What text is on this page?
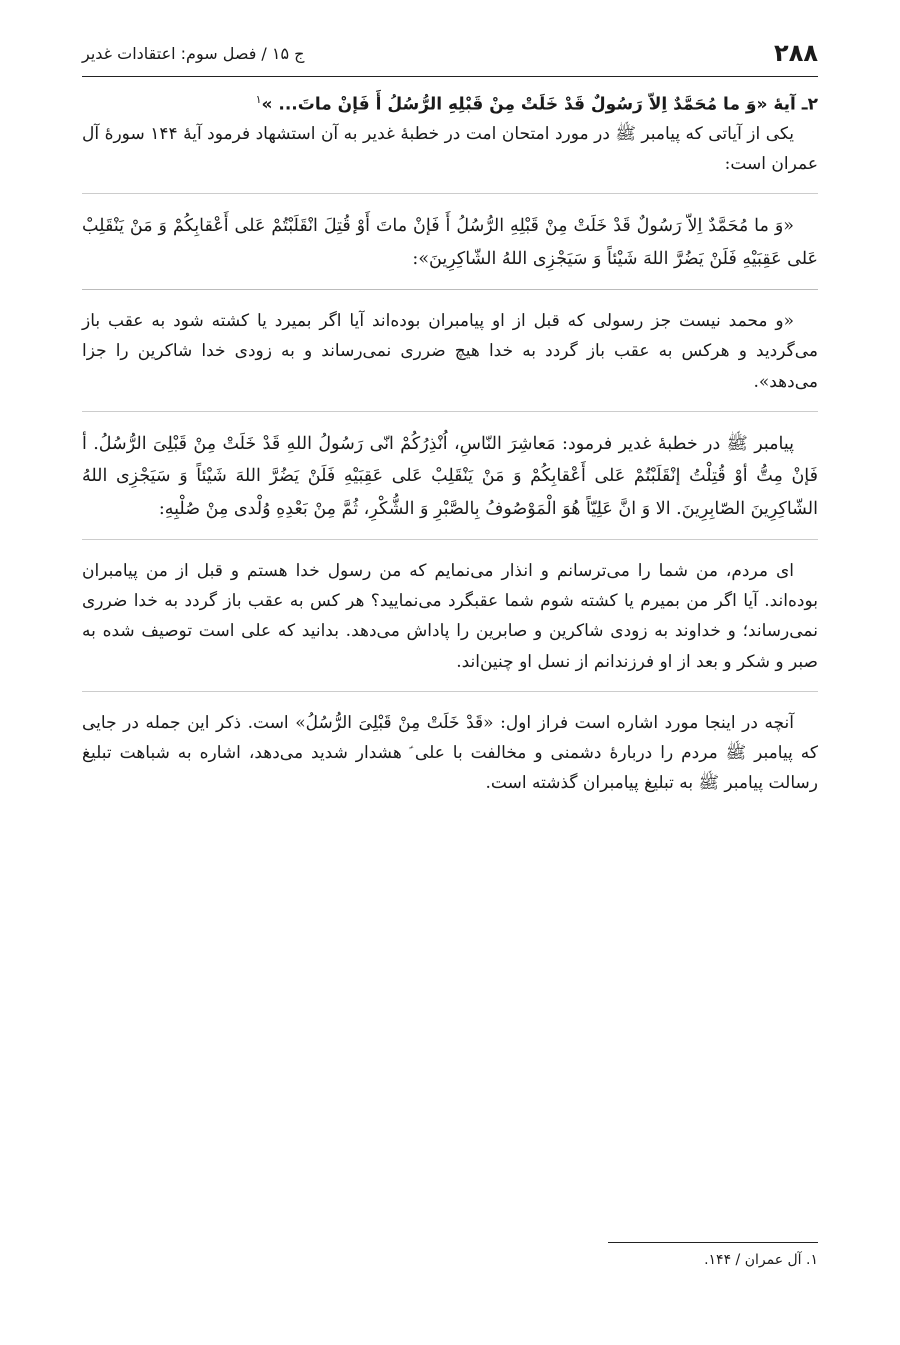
۲۸۸
ج ۱۵ / فصل سوم: اعتقادات غدیر
۲ـ آیهٔ «وَ ما مُحَمَّدٌ اِلاّ رَسُولٌ قَدْ خَلَتْ مِنْ قَبْلِهِ الرُّسُلُ أَ فَإنْ ماتَ... »$^۱$

یکی از آیاتی که پیامبر ﷺ در مورد امتحان امت در خطبهٔ غدیر به آن استشهاد فرمود آیهٔ ۱۴۴ سورهٔ آل عمران است:

«وَ ما مُحَمَّدٌ اِلاّ رَسُولٌ قَدْ خَلَتْ مِنْ قَبْلِهِ الرُّسُلُ أَ فَإنْ ماتَ أَوْ قُتِلَ انْقَلَبْتُمْ عَلی أَعْقابِکُمْ وَ مَنْ یَنْقَلِبْ عَلی عَقِبَیْهِ فَلَنْ یَضُرَّ اللهَ شَیْئاً وَ سَیَجْزِی اللهُ الشّاکِرِینَ»:

«و محمد نیست جز رسولی که قبل از او پیامبران بوده‌اند آیا اگر بمیرد یا کشته شود به عقب باز می‌گردید و هرکس به عقب باز گردد به خدا هیچ ضرری نمی‌رساند و به زودی خدا شاکرین را جزا می‌دهد».

پیامبر ﷺ در خطبهٔ غدیر فرمود: مَعاشِرَ النّاسِ، اُنْذِرُکُمْ انّی رَسُولُ اللهِ قَدْ خَلَتْ مِنْ قَبْلِیَ الرُّسُلُ. أ فَإنْ مِتُّ أوْ قُتِلْتُ إنْقَلَبْتُمْ عَلی أَعْقابِکُمْ وَ مَنْ یَنْقَلِبْ عَلی عَقِبَیْهِ فَلَنْ یَضُرَّ اللهَ شَیْئاً وَ سَیَجْزِی اللهُ الشّاکِرِینَ الصّابِرِینَ. الا وَ انَّ عَلِیّاً هُوَ الْمَوْصُوفُ بِالصَّبْرِ وَ الشُّکْرِ، ثُمَّ مِنْ بَعْدِهِ وُلْدی مِنْ صُلْبِهِ:

ای مردم، من شما را می‌ترسانم و انذار می‌نمایم که من رسول خدا هستم و قبل از من پیامبران بوده‌اند. آیا اگر من بمیرم یا کشته شوم شما عقبگرد می‌نمایید؟ هر کس به عقب باز گردد به خدا ضرری نمی‌رساند؛ و خداوند به زودی شاکرین و صابرین را پاداش می‌دهد. بدانید که علی است توصیف شده به صبر و شکر و بعد از او فرزندانم از نسل او چنین‌اند.

آنچه در اینجا مورد اشاره است فراز اول: «قَدْ خَلَتْ مِنْ قَبْلِیَ الرُّسُلُ» است. ذکر این جمله در جایی که پیامبر ﷺ مردم را دربارهٔ دشمنی و مخالفت با علی ؑ هشدار شدید می‌دهد، اشاره به شباهت تبلیغ رسالت پیامبر ﷺ به تبلیغ پیامبران گذشته است.

۱. آل عمران / ۱۴۴.
